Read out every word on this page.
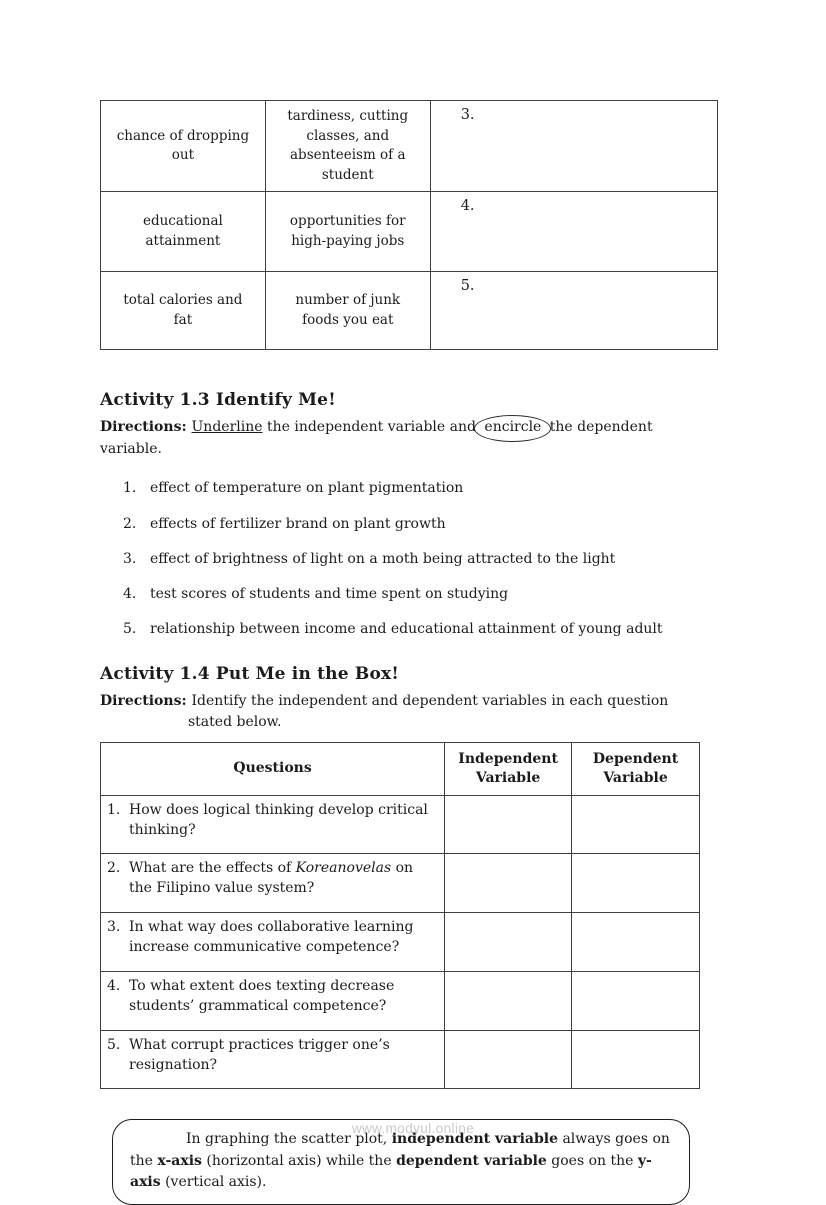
chance of dropping out	tardiness, cutting classes, and absenteeism of a student	3.
educational attainment	opportunities for high-paying jobs	4.
total calories and fat	number of junk foods you eat	5.
Activity 1.3 Identify Me!

Directions: Underline the independent variable and encircle the dependent variable.

1. effect of temperature on plant pigmentation
2. effects of fertilizer brand on plant growth
3. effect of brightness of light on a moth being attracted to the light
4. test scores of students and time spent on studying
5. relationship between income and educational attainment of young adult
Activity 1.4 Put Me in the Box!

Directions: Identify the independent and dependent variables in each question

stated below.

Questions	Independent Variable	Dependent Variable

1. How does logical thinking develop critical thinking?		

2. What are the effects of Koreanovelas on the Filipino value system?		

3. In what way does collaborative learning increase communicative competence?		

4. To what extent does texting decrease students’ grammatical competence?		

5. What corrupt practices trigger one’s resignation?		

In graphing the scatter plot, independent variable always goes on the x-axis (horizontal axis) while the dependent variable goes on the y-axis (vertical axis).

www.modyul.online
